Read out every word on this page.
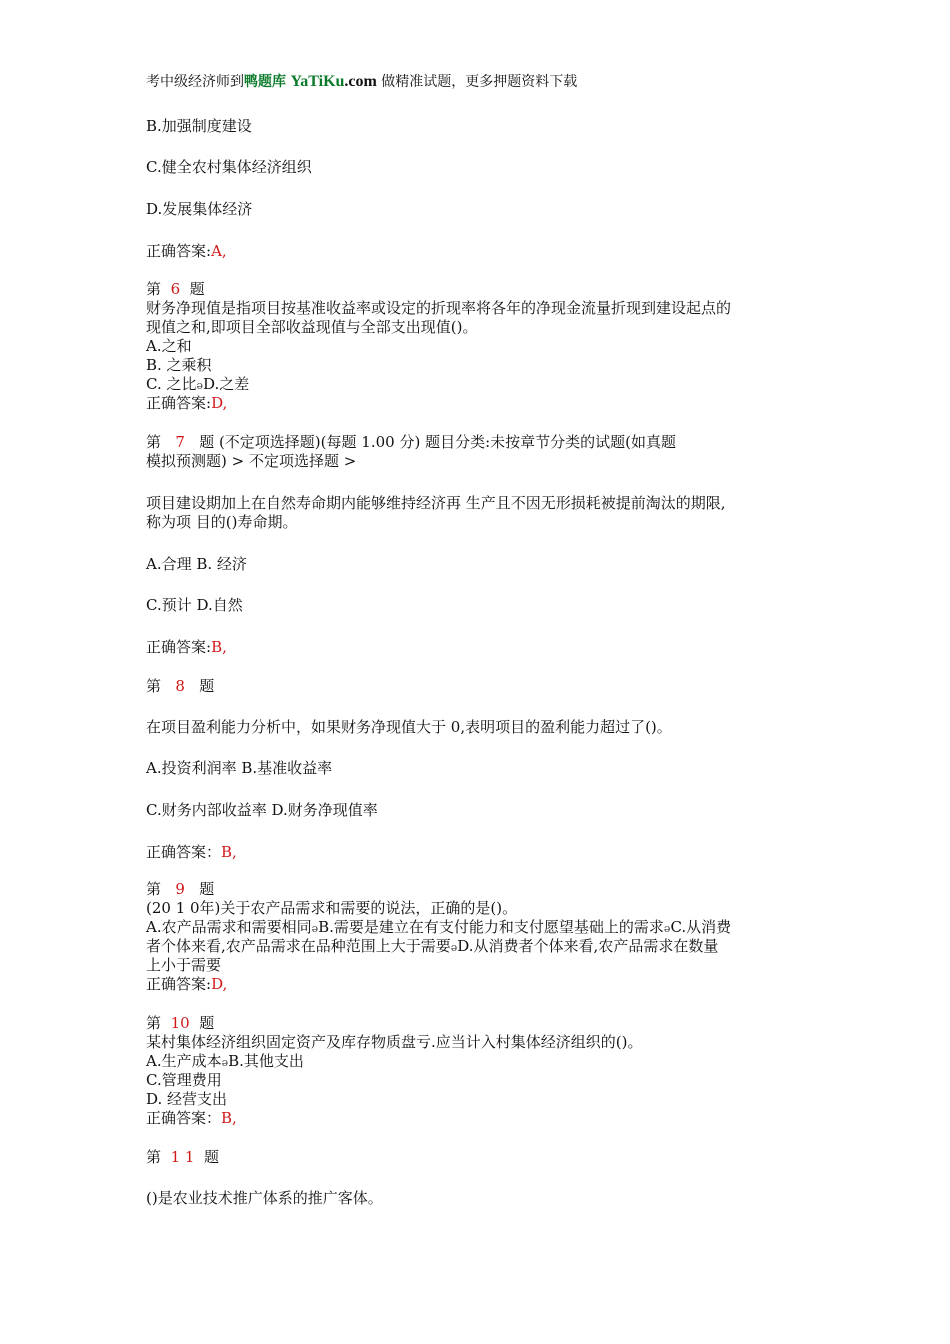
考中级经济师到鸭题库 YaTiKu.com 做精准试题，更多押题资料下载
B.加强制度建设
C.健全农村集体经济组织
D.发展集体经济
正确答案:A,
第 6 题
财务净现值是指项目按基准收益率或设定的折现率将各年的净现金流量折现到建设起点的
现值之和,即项目全部收益现值与全部支出现值()。
A.之和
B. 之乘积
C. 之比ǝD.之差
正确答案:D,
第 7 题 (不定项选择题)(每题 1.00 分) 题目分类:未按章节分类的试题(如真题
模拟预测题) > 不定项选择题 >
项目建设期加上在自然寿命期内能够维持经济再 生产且不因无形损耗被提前淘汰的期限,
称为项 目的()寿命期。
A.合理 B. 经济
C.预计 D.自然
正确答案:B,
第 8 题
在项目盈利能力分析中，如果财务净现值大于 0,表明项目的盈利能力超过了()。
A.投资利润率 B.基准收益率
C.财务内部收益率 D.财务净现值率
正确答案：B,
第 9 题
(20 1 0年)关于农产品需求和需要的说法，正确的是()。
A.农产品需求和需要相同ǝB.需要是建立在有支付能力和支付愿望基础上的需求ǝC.从消费
者个体来看,农产品需求在品种范围上大于需要ǝD.从消费者个体来看,农产品需求在数量
上小于需要
正确答案:D,
第 10 题
某村集体经济组织固定资产及库存物质盘亏.应当计入村集体经济组织的()。
A.生产成本ǝB.其他支出
C.管理费用
D. 经营支出
正确答案：B,
第 1 1 题
()是农业技术推广体系的推广客体。
